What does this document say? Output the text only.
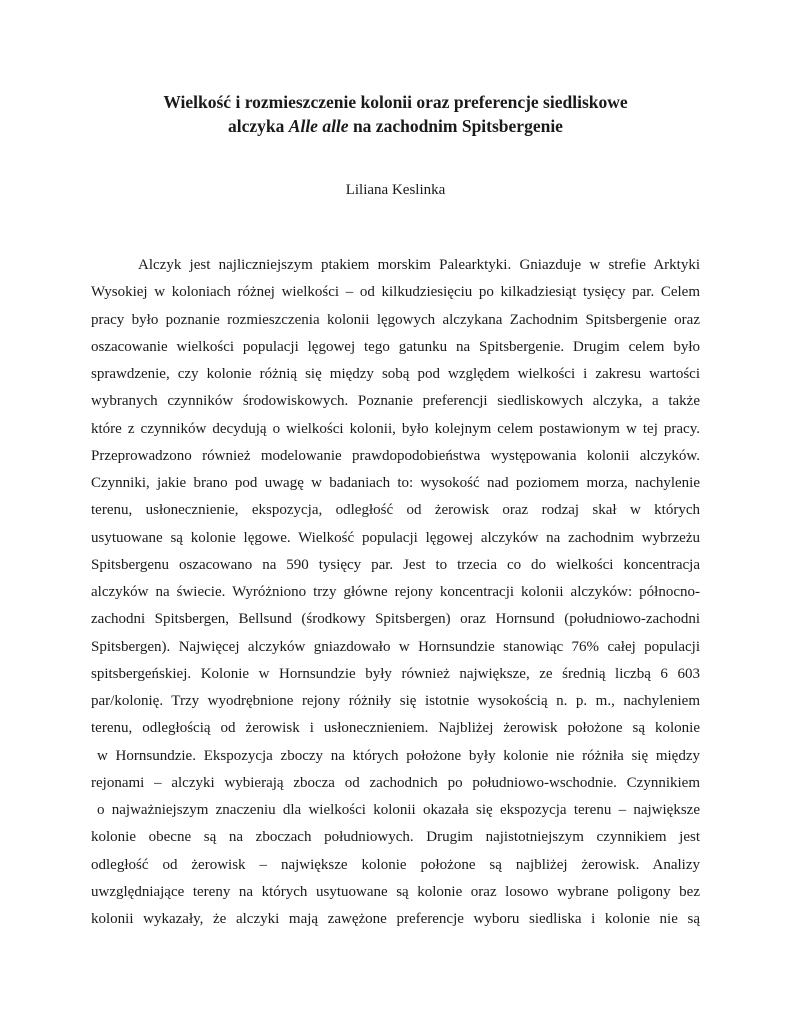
Wielkość i rozmieszczenie kolonii oraz preferencje siedliskowe
alczyka Alle alle na zachodnim Spitsbergenie
Liliana Keslinka
Alczyk jest najliczniejszym ptakiem morskim Palearktyki. Gniazduje w strefie Arktyki
Wysokiej w koloniach różnej wielkości – od kilkudziesięciu po kilkadziesiąt tysięcy par. Celem
pracy było poznanie rozmieszczenia kolonii lęgowych alczykana Zachodnim Spitsbergenie oraz
oszacowanie wielkości populacji lęgowej tego gatunku na Spitsbergenie. Drugim celem było
sprawdzenie, czy kolonie różnią się między sobą pod względem wielkości i zakresu wartości
wybranych czynników środowiskowych. Poznanie preferencji siedliskowych alczyka, a także
które z czynników decydują o wielkości kolonii, było kolejnym celem postawionym w tej pracy.
Przeprowadzono również modelowanie prawdopodobieństwa występowania kolonii alczyków.
Czynniki, jakie brano pod uwagę w badaniach to: wysokość nad poziomem morza, nachylenie
terenu, usłonecznienie, ekspozycja, odległość od żerowisk oraz rodzaj skał w których
usytuowane są kolonie lęgowe. Wielkość populacji lęgowej alczyków na zachodnim wybrzeżu
Spitsbergenu oszacowano na 590 tysięcy par. Jest to trzecia co do wielkości koncentracja
alczyków na świecie. Wyróżniono trzy główne rejony koncentracji kolonii alczyków: północno-
zachodni Spitsbergen, Bellsund (środkowy Spitsbergen) oraz Hornsund (południowo-zachodni
Spitsbergen). Najwięcej alczyków gniazdowało w Hornsundzie stanowiąc 76% całej populacji
spitsbergeńskiej. Kolonie w Hornsundzie były również największe, ze średnią liczbą 6 603
par/kolonię. Trzy wyodrębnione rejony różniły się istotnie wysokością n. p. m., nachyleniem
terenu, odległością od żerowisk i usłonecznieniem. Najbliżej żerowisk położone są kolonie
w Hornsundzie. Ekspozycja zboczy na których położone były kolonie nie różniła się między
rejonami – alczyki wybierają zbocza od zachodnich po południowo-wschodnie. Czynnikiem
o najważniejszym znaczeniu dla wielkości kolonii okazała się ekspozycja terenu – największe
kolonie obecne są na zboczach południowych. Drugim najistotniejszym czynnikiem jest
odległość od żerowisk – największe kolonie położone są najbliżej żerowisk. Analizy
uwzględniające tereny na których usytuowane są kolonie oraz losowo wybrane poligony bez
kolonii wykazały, że alczyki mają zawężone preferencje wyboru siedliska i kolonie nie są
